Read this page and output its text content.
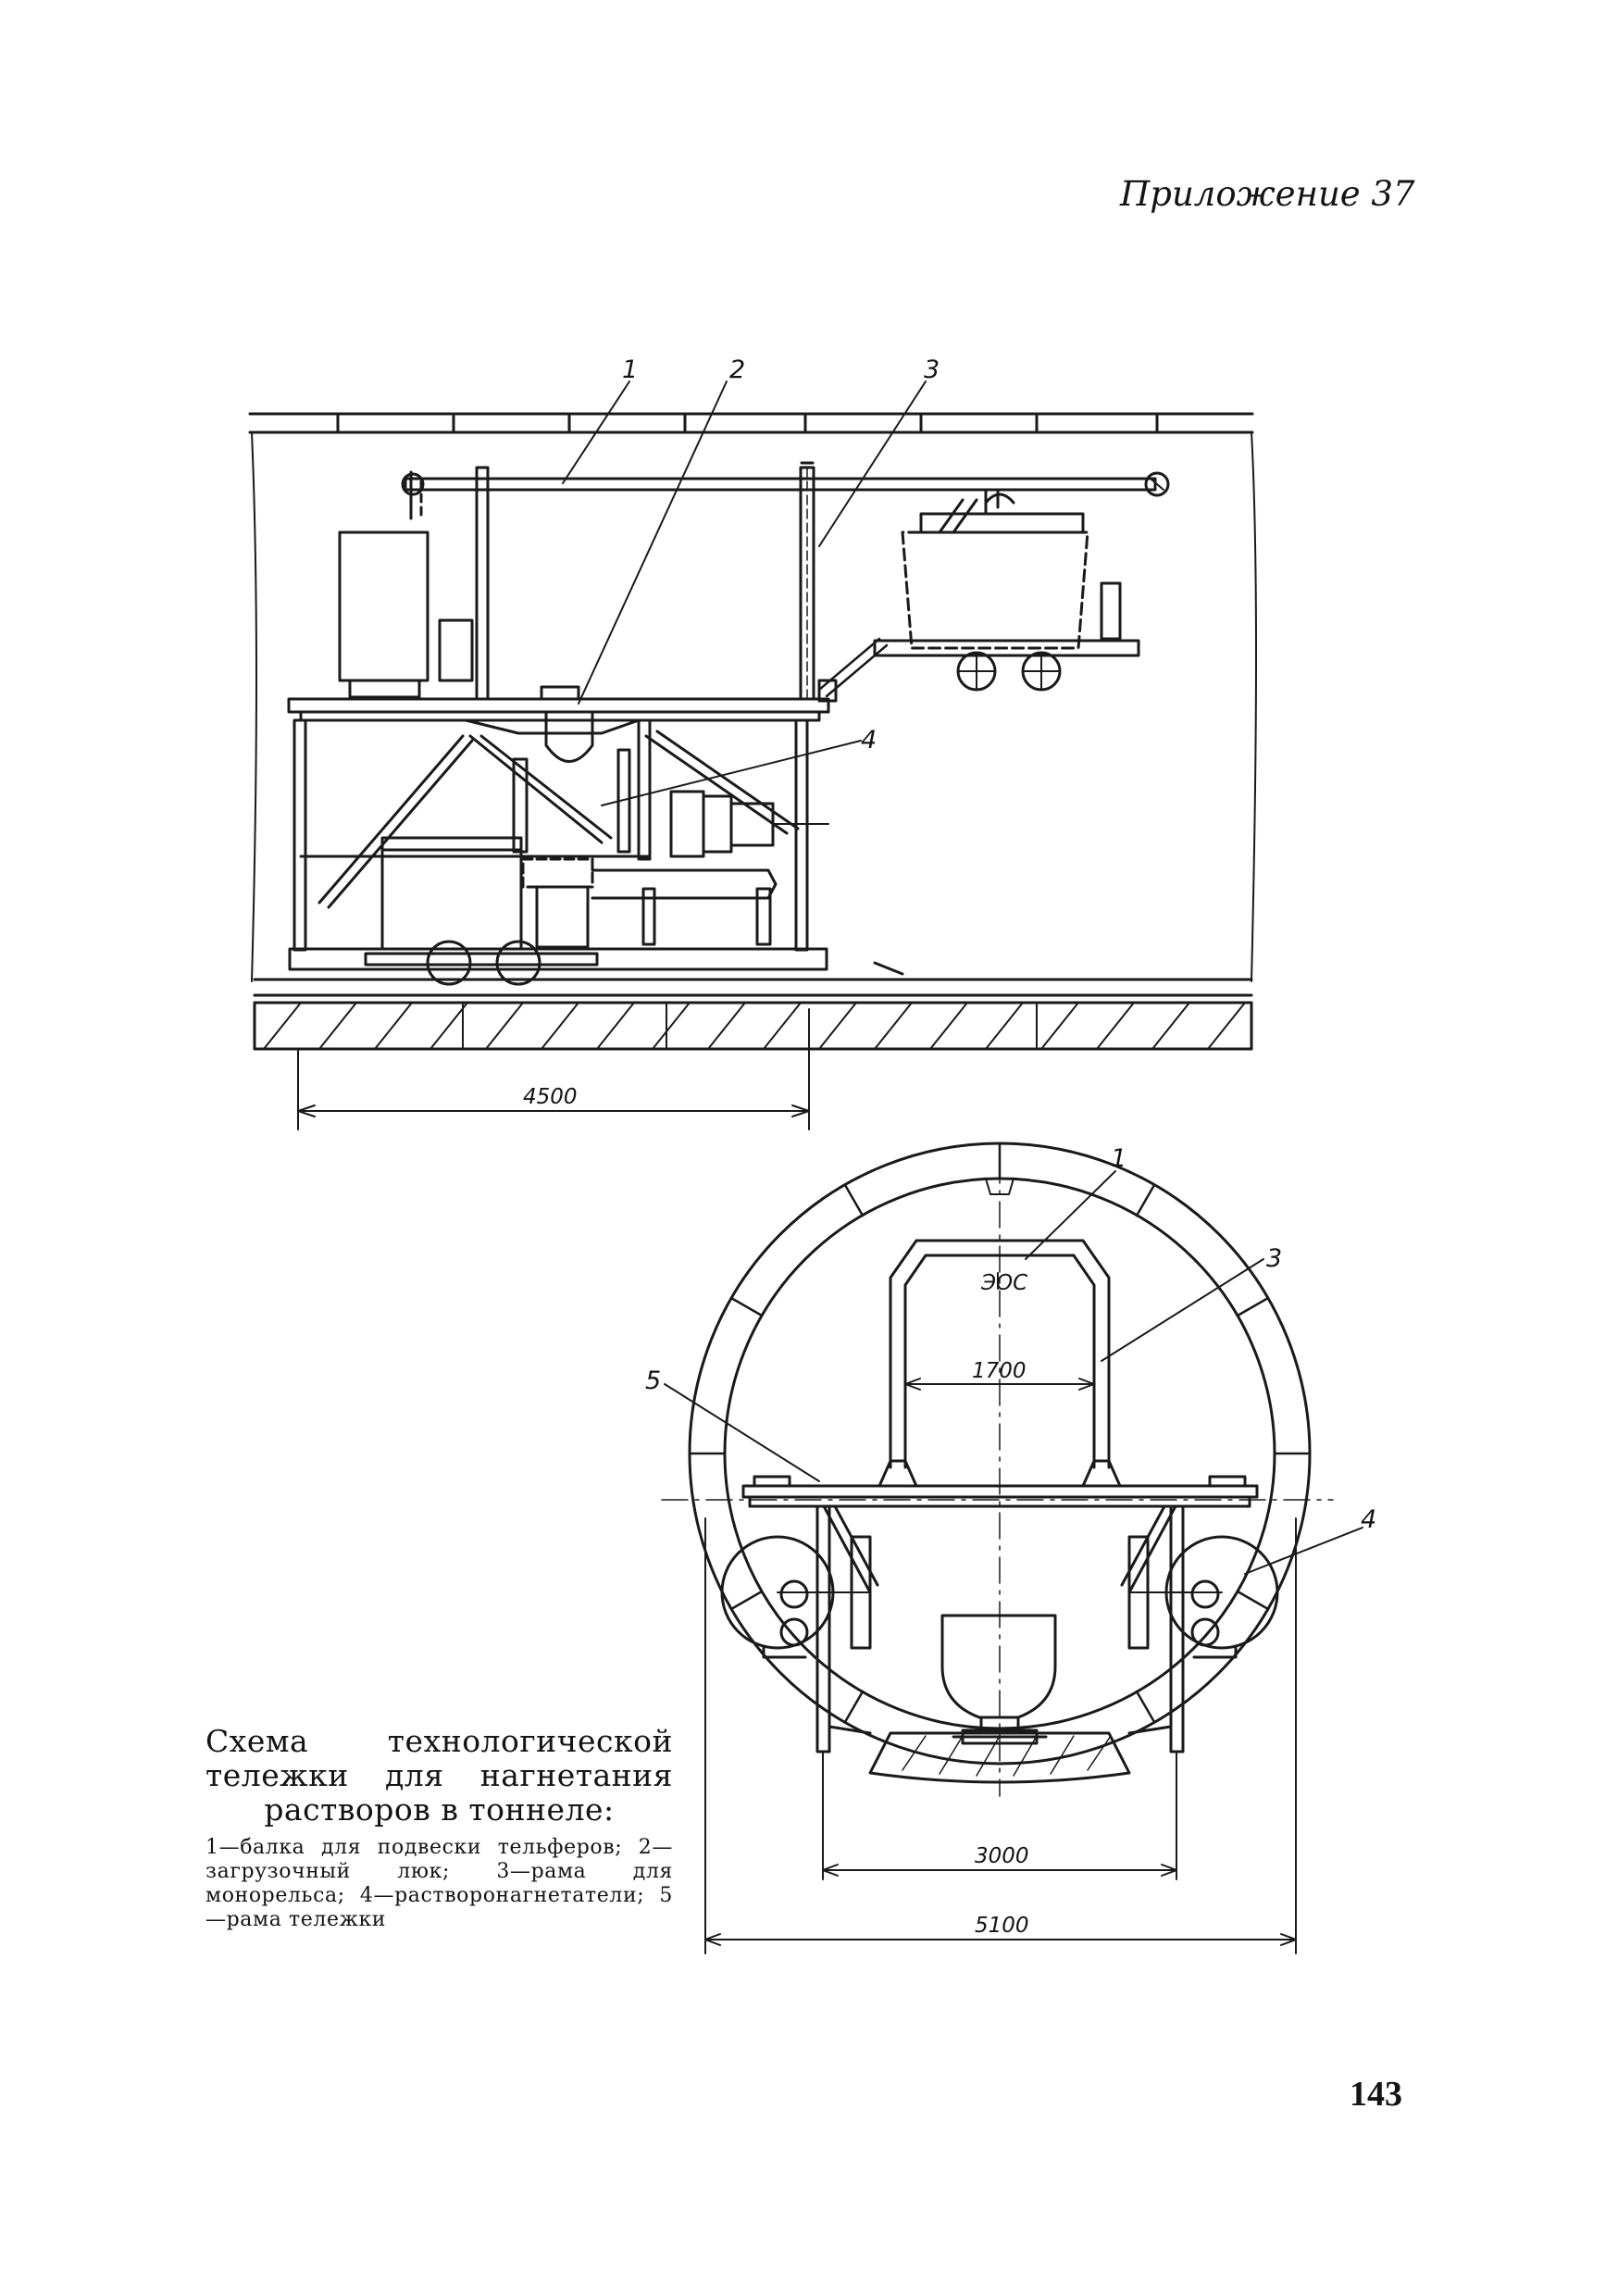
Приложение 37
1	2	3
4
4500
ЭОС
1
3
5
4
1700
3000
5100
Схема технологической тележки для нагнетания растворов в тоннеле:
1—балка для подвески тельферов; 2—загрузочный люк; 3—рама для монорельса; 4—растворонагнетатели; 5—рама тележки
143
